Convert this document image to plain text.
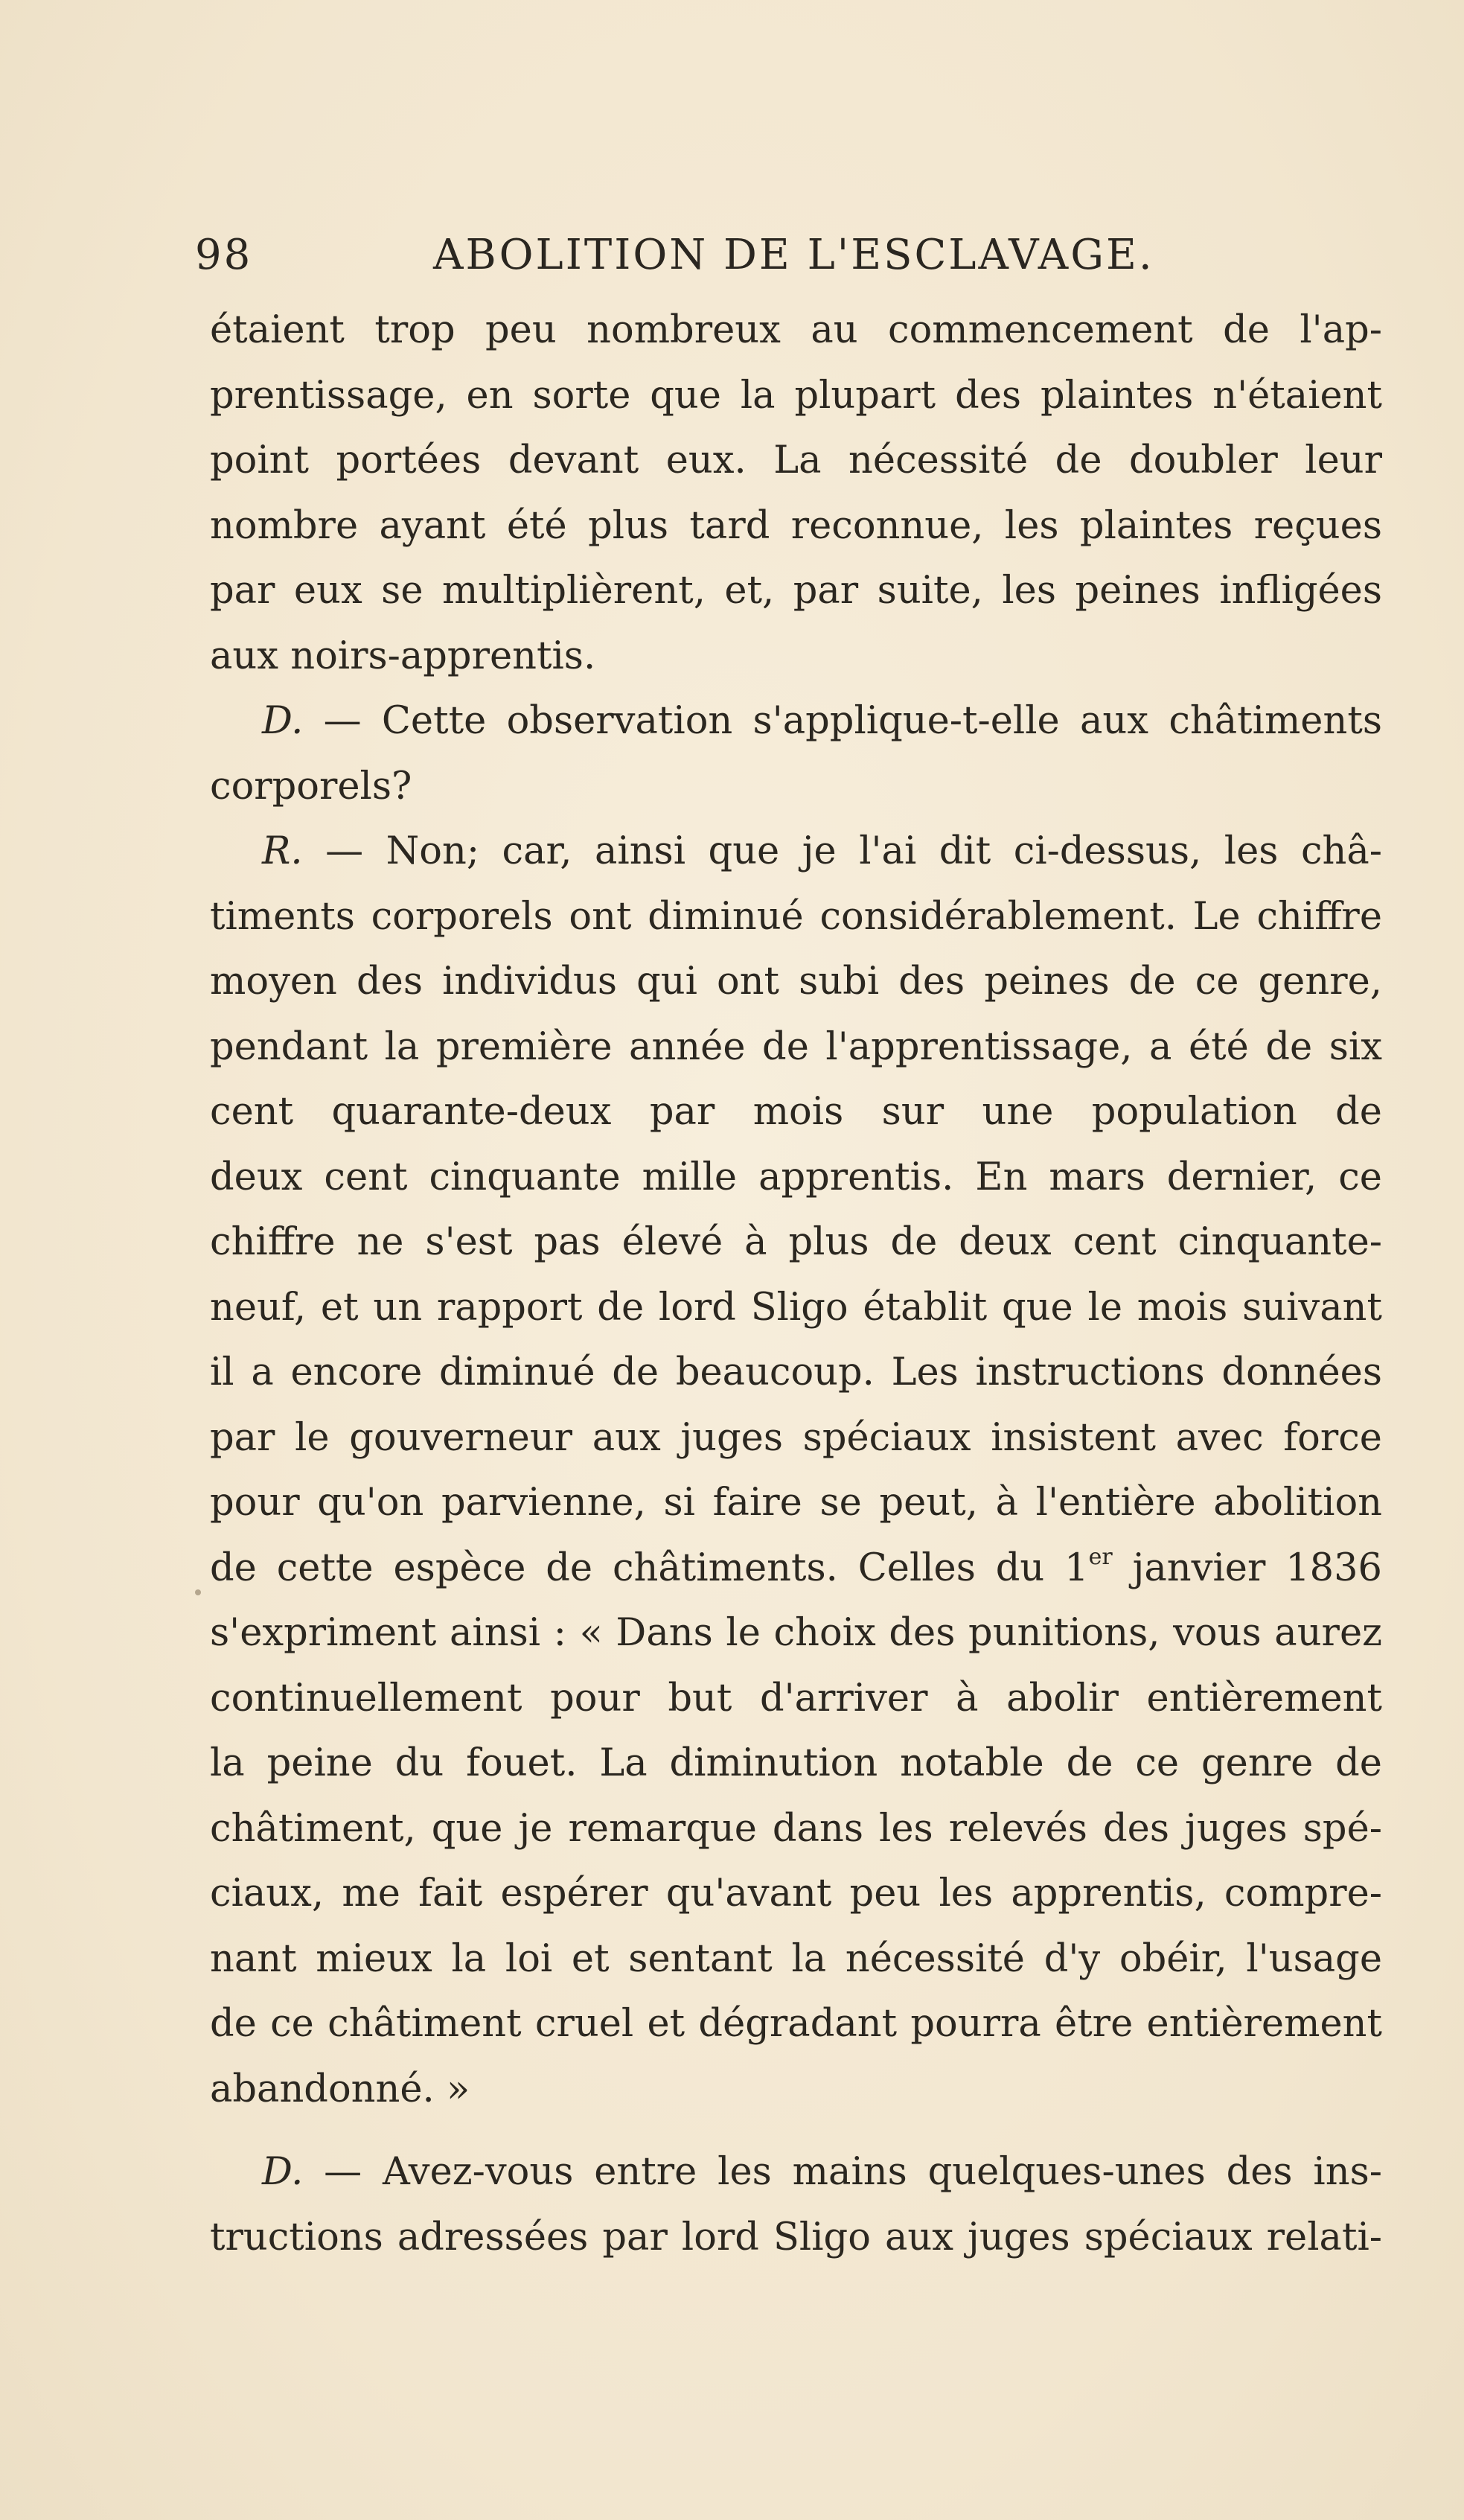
98	ABOLITION DE L'ESCLAVAGE.
étaient trop peu nombreux au commencement de l'ap-
prentissage, en sorte que la plupart des plaintes n'étaient
point portées devant eux. La nécessité de doubler leur
nombre ayant été plus tard reconnue, les plaintes reçues
par eux se multiplièrent, et, par suite, les peines infligées
aux noirs-apprentis.
D. — Cette observation s'applique-t-elle aux châtiments
corporels?
R. — Non; car, ainsi que je l'ai dit ci-dessus, les châ-
timents corporels ont diminué considérablement. Le chiffre
moyen des individus qui ont subi des peines de ce genre,
pendant la première année de l'apprentissage, a été de six
cent quarante-deux par mois sur une population de
deux cent cinquante mille apprentis. En mars dernier, ce
chiffre ne s'est pas élevé à plus de deux cent cinquante-
neuf, et un rapport de lord Sligo établit que le mois suivant
il a encore diminué de beaucoup. Les instructions données
par le gouverneur aux juges spéciaux insistent avec force
pour qu'on parvienne, si faire se peut, à l'entière abolition
de cette espèce de châtiments. Celles du 1er janvier 1836
s'expriment ainsi : « Dans le choix des punitions, vous aurez
continuellement pour but d'arriver à abolir entièrement
la peine du fouet. La diminution notable de ce genre de
châtiment, que je remarque dans les relevés des juges spé-
ciaux, me fait espérer qu'avant peu les apprentis, compre-
nant mieux la loi et sentant la nécessité d'y obéir, l'usage
de ce châtiment cruel et dégradant pourra être entièrement
abandonné. »
D. — Avez-vous entre les mains quelques-unes des ins-
tructions adressées par lord Sligo aux juges spéciaux relati-
